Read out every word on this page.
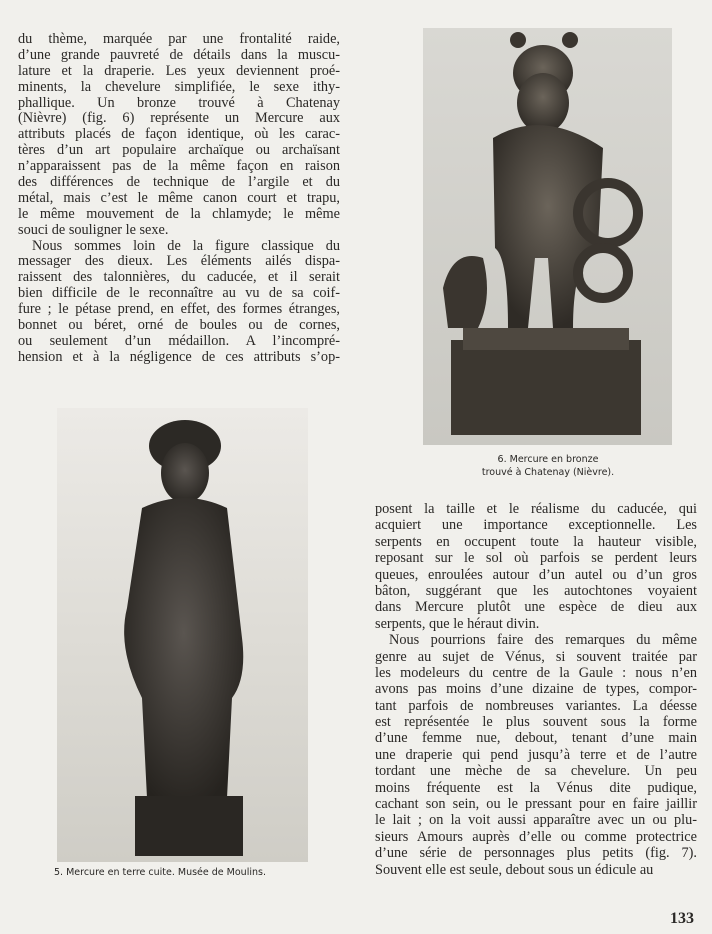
du thème, marquée par une frontalité raide,
d’une grande pauvreté de détails dans la muscu-
lature et la draperie. Les yeux deviennent proé-
minents, la chevelure simplifiée, le sexe ithy-
phallique. Un bronze trouvé à Chatenay
(Nièvre) (fig. 6) représente un Mercure aux
attributs placés de façon identique, où les carac-
tères d’un art populaire archaïque ou archaïsant
n’apparaissent pas de la même façon en raison
des différences de technique de l’argile et du
métal, mais c’est le même canon court et trapu,
le même mouvement de la chlamyde; le même
souci de souligner le sexe.
Nous sommes loin de la figure classique du
messager des dieux. Les éléments ailés dispa-
raissent des talonnières, du caducée, et il serait
bien difficile de le reconnaître au vu de sa coif-
fure ; le pétase prend, en effet, des formes étranges,
bonnet ou béret, orné de boules ou de cornes,
ou seulement d’un médaillon. A l’incompré-
hension et à la négligence de ces attributs s’op-
posent la taille et le réalisme du caducée, qui
acquiert une importance exceptionnelle. Les
serpents en occupent toute la hauteur visible,
reposant sur le sol où parfois se perdent leurs
queues, enroulées autour d’un autel ou d’un gros
bâton, suggérant que les autochtones voyaient
dans Mercure plutôt une espèce de dieu aux
serpents, que le héraut divin.
Nous pourrions faire des remarques du même
genre au sujet de Vénus, si souvent traitée par
les modeleurs du centre de la Gaule : nous n’en
avons pas moins d’une dizaine de types, compor-
tant parfois de nombreuses variantes. La déesse
est représentée le plus souvent sous la forme
d’une femme nue, debout, tenant d’une main
une draperie qui pend jusqu’à terre et de l’autre
tordant une mèche de sa chevelure. Un peu
moins fréquente est la Vénus dite pudique,
cachant son sein, ou le pressant pour en faire jaillir
le lait ; on la voit aussi apparaître avec un ou plu-
sieurs Amours auprès d’elle ou comme protectrice
d’une série de personnages plus petits (fig. 7).
Souvent elle est seule, debout sous un édicule au
6. Mercure en bronze
trouvé à Chatenay (Nièvre).
5. Mercure en terre cuite. Musée de Moulins.
133
